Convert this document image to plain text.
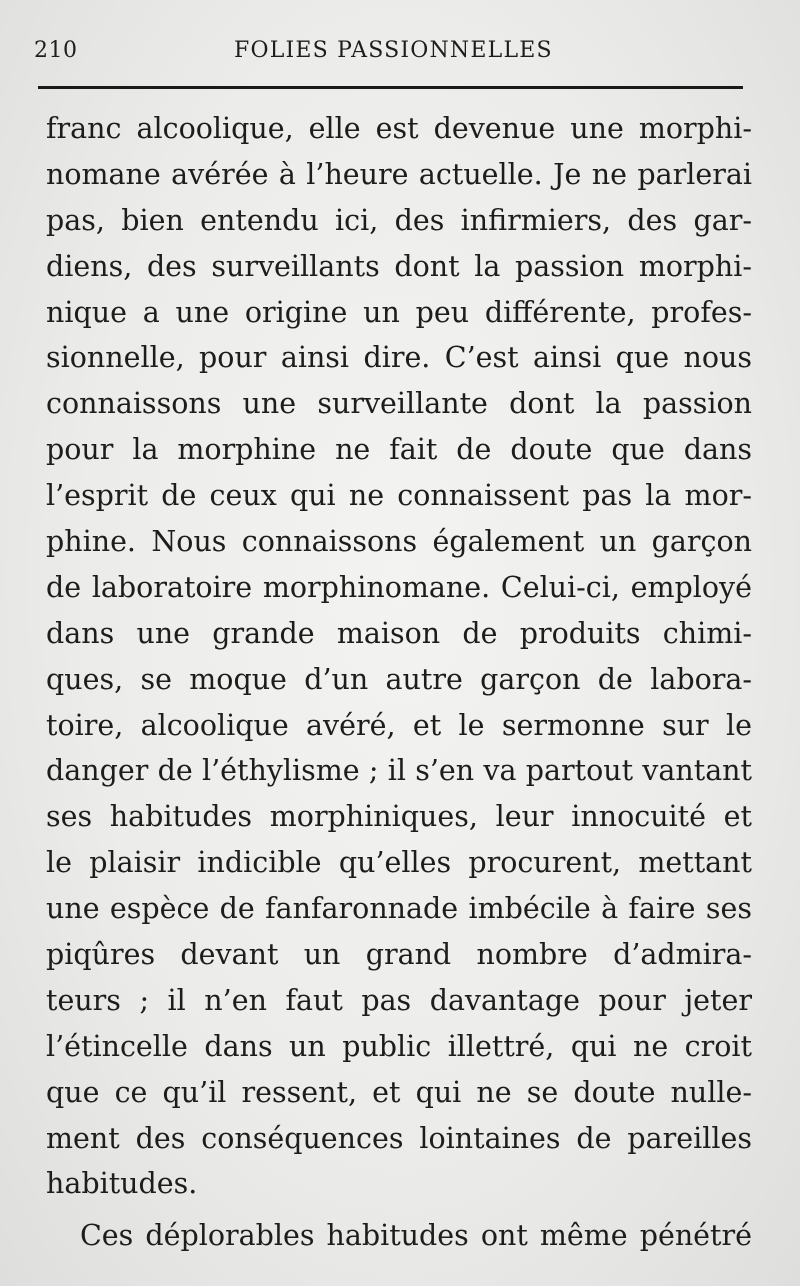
210	FOLIES PASSIONNELLES
franc alcoolique, elle est devenue une morphi-
nomane avérée à l’heure actuelle. Je ne parlerai
pas, bien entendu ici, des infirmiers, des gar-
diens, des surveillants dont la passion morphi-
nique a une origine un peu différente, profes-
sionnelle, pour ainsi dire. C’est ainsi que nous
connaissons une surveillante dont la passion
pour la morphine ne fait de doute que dans
l’esprit de ceux qui ne connaissent pas la mor-
phine. Nous connaissons également un garçon
de laboratoire morphinomane. Celui-ci, employé
dans une grande maison de produits chimi-
ques, se moque d’un autre garçon de labora-
toire, alcoolique avéré, et le sermonne sur le
danger de l’éthylisme ; il s’en va partout vantant
ses habitudes morphiniques, leur innocuité et
le plaisir indicible qu’elles procurent, mettant
une espèce de fanfaronnade imbécile à faire ses
piqûres devant un grand nombre d’admira-
teurs ; il n’en faut pas davantage pour jeter
l’étincelle dans un public illettré, qui ne croit
que ce qu’il ressent, et qui ne se doute nulle-
ment des conséquences lointaines de pareilles
habitudes.
Ces déplorables habitudes ont même pénétré
